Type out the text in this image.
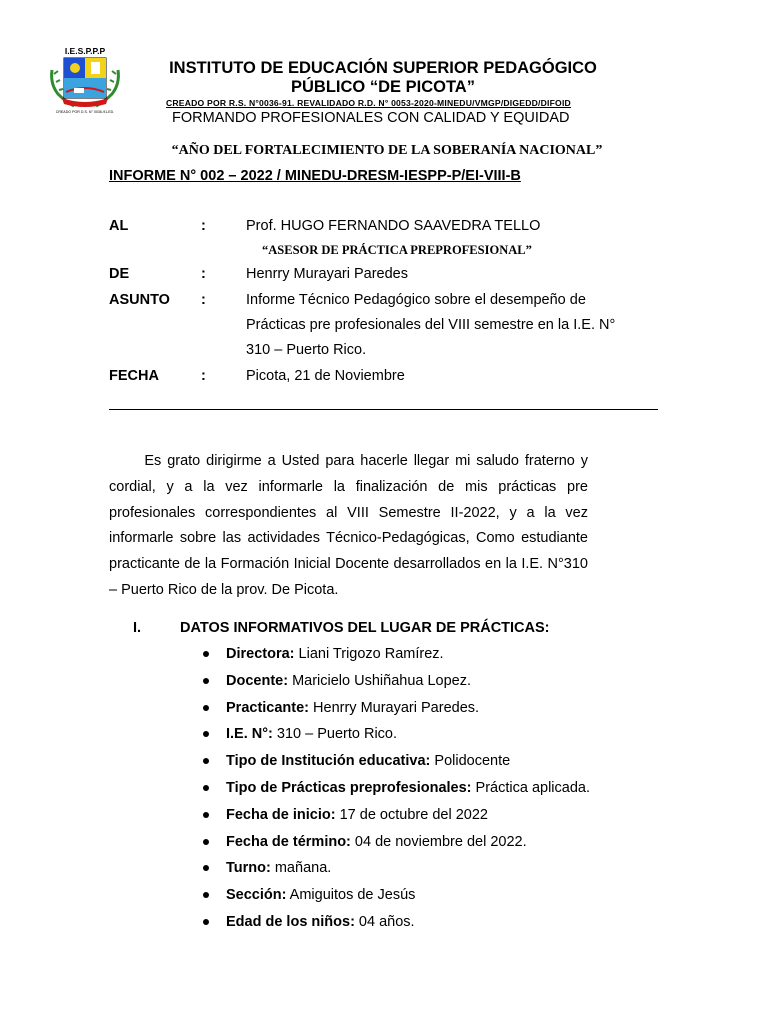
I.E.S.P.P.P
CREADO POR D.S. N° 0036-91-ED.
INSTITUTO DE EDUCACIÓN SUPERIOR PEDAGÓGICO
PÚBLICO “DE PICOTA”
CREADO POR R.S. N°0036-91. REVALIDADO R.D. N° 0053-2020-MINEDU/VMGP/DIGEDD/DIFOID
FORMANDO PROFESIONALES CON CALIDAD Y EQUIDAD
“AÑO DEL FORTALECIMIENTO DE LA SOBERANÍA NACIONAL”
INFORME N° 002 – 2022 / MINEDU-DRESM-IESPP-P/EI-VIII-B
AL	:	Prof. HUGO FERNANDO SAAVEDRA TELLO
“ASESOR DE PRÁCTICA PREPROFESIONAL”
DE	:	Henrry Murayari Paredes
ASUNTO :	Informe Técnico Pedagógico sobre el desempeño de
Prácticas pre profesionales del VIII semestre en la I.E. N°
310 – Puerto Rico.
FECHA	:	Picota, 21 de Noviembre

Es grato dirigirme a Usted para hacerle llegar mi saludo fraterno y cordial, y a la vez informarle la finalización de mis prácticas pre profesionales correspondientes al VIII Semestre II-2022, y a la vez informarle sobre las actividades Técnico-Pedagógicas, Como estudiante practicante de la Formación Inicial Docente desarrollados en la I.E. N°310 – Puerto Rico de la prov. De Picota.

I.	DATOS INFORMATIVOS DEL LUGAR DE PRÁCTICAS:
Directora: Liani Trigozo Ramírez.
Docente: Maricielo Ushiñahua Lopez.
Practicante: Henrry Murayari Paredes.
I.E. N°: 310 – Puerto Rico.
Tipo de Institución educativa: Polidocente
Tipo de Prácticas preprofesionales: Práctica aplicada.
Fecha de inicio: 17 de octubre del 2022
Fecha de término: 04 de noviembre del 2022.
Turno: mañana.
Sección: Amiguitos de Jesús
Edad de los niños: 04 años.
